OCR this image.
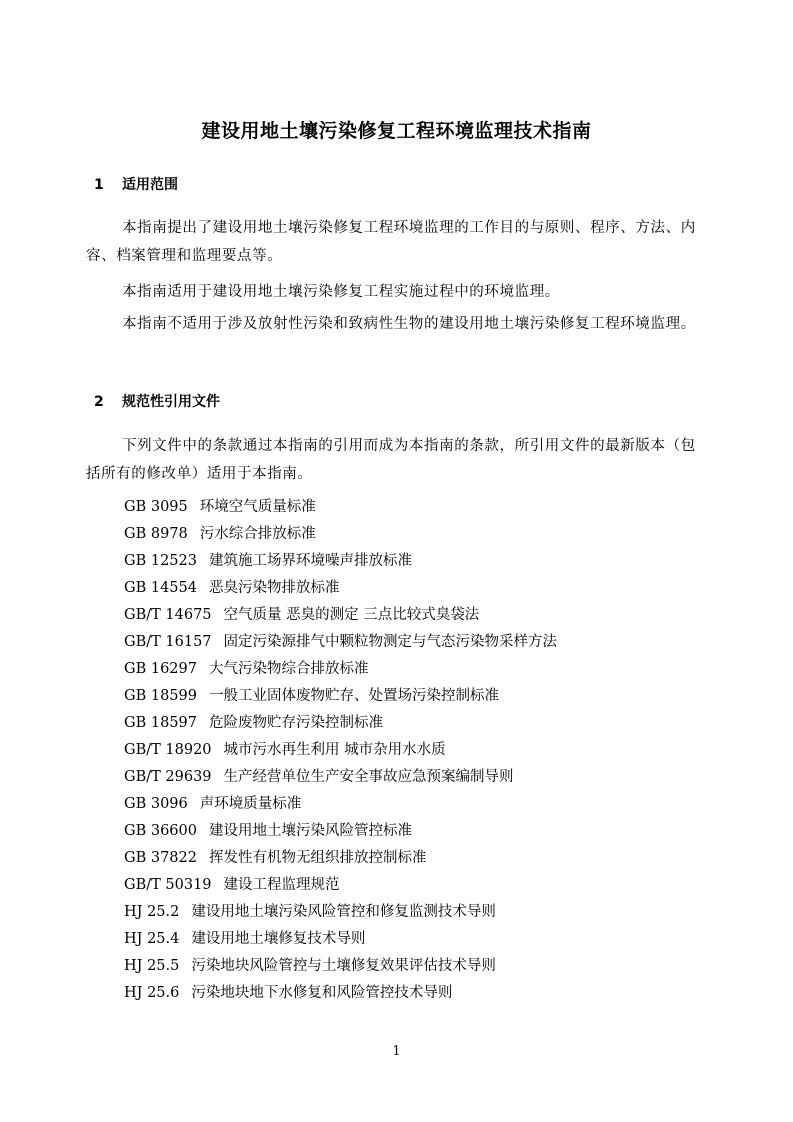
建设用地土壤污染修复工程环境监理技术指南
1 适用范围
本指南提出了建设用地土壤污染修复工程环境监理的工作目的与原则、程序、方法、内容、档案管理和监理要点等。
本指南适用于建设用地土壤污染修复工程实施过程中的环境监理。
本指南不适用于涉及放射性污染和致病性生物的建设用地土壤污染修复工程环境监理。
2 规范性引用文件
下列文件中的条款通过本指南的引用而成为本指南的条款，所引用文件的最新版本（包括所有的修改单）适用于本指南。
GB 3095 环境空气质量标准
GB 8978 污水综合排放标准
GB 12523 建筑施工场界环境噪声排放标准
GB 14554 恶臭污染物排放标准
GB/T 14675 空气质量 恶臭的测定 三点比较式臭袋法
GB/T 16157 固定污染源排气中颗粒物测定与气态污染物采样方法
GB 16297 大气污染物综合排放标准
GB 18599 一般工业固体废物贮存、处置场污染控制标准
GB 18597 危险废物贮存污染控制标准
GB/T 18920 城市污水再生利用 城市杂用水水质
GB/T 29639 生产经营单位生产安全事故应急预案编制导则
GB 3096 声环境质量标准
GB 36600 建设用地土壤污染风险管控标准
GB 37822 挥发性有机物无组织排放控制标准
GB/T 50319 建设工程监理规范
HJ 25.2 建设用地土壤污染风险管控和修复监测技术导则
HJ 25.4 建设用地土壤修复技术导则
HJ 25.5 污染地块风险管控与土壤修复效果评估技术导则
HJ 25.6 污染地块地下水修复和风险管控技术导则
1
